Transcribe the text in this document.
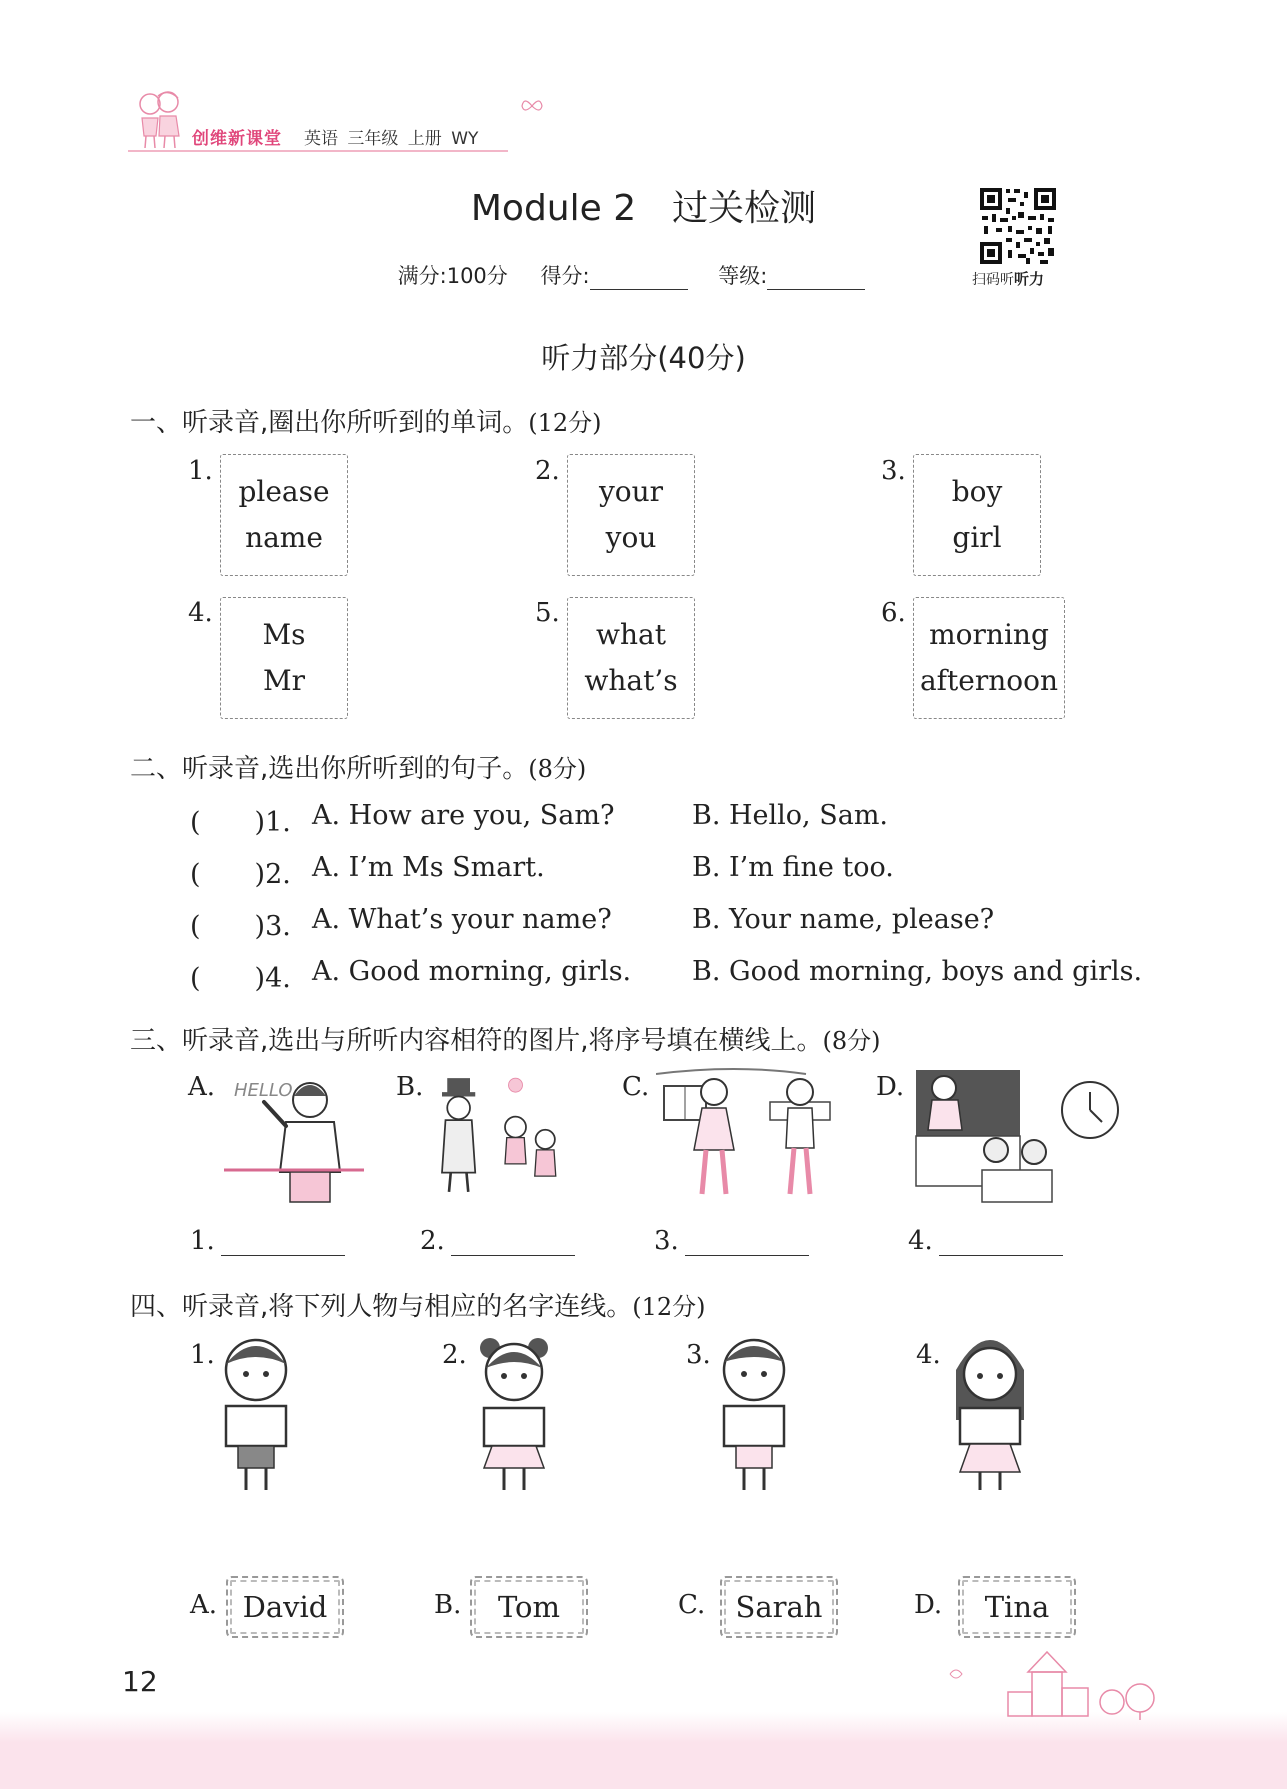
创维新课堂 英语 三年级 上册 WY
Module 2　过关检测
满分:100分 得分:	等级:	扫码听听力
听力部分(40分)
一、听录音,圈出你所听到的单词。(12分)
1.
please
name
2.
your
you
3.
boy
girl
4.
Ms
Mr
5.
what
what’s
6.
morning
afternoon
二、听录音,选出你所听到的句子。(8分)
(　　)1. A. How are you, Sam?	B. Hello, Sam.
(　　)2. A. I’m Ms Smart.	B. I’m fine too.
(　　)3. A. What’s your name?	B. Your name, please?
(　　)4. A. Good morning, girls. B. Good morning, boys and girls.
三、听录音,选出与所听内容相符的图片,将序号填在横线上。(8分)
A. HELLO	B.	C.	D.
1.	2.	3.	4.
四、听录音,将下列人物与相应的名字连线。(12分)
1.	2.	3.	4.
A. David	B.	Tom	C.	Sarah	D.	Tina
12
